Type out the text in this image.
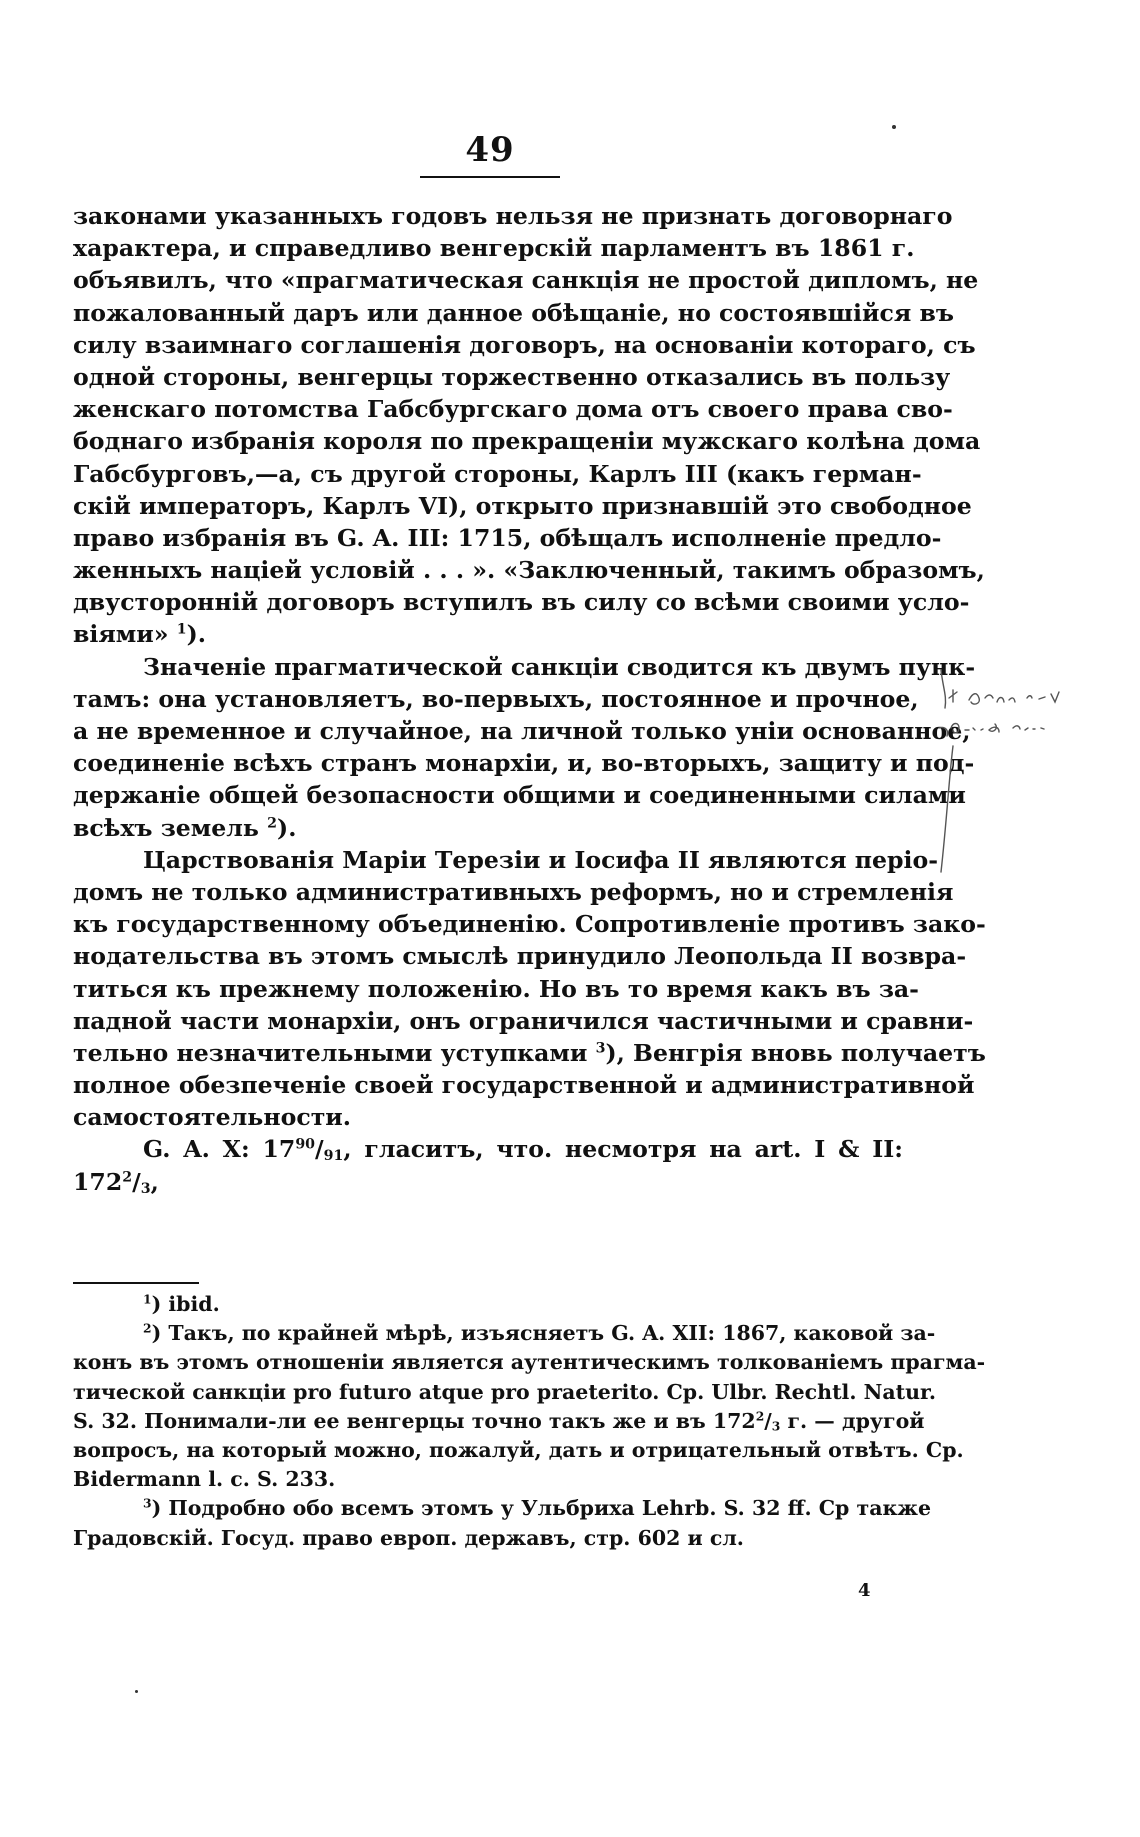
49
законами указанныхъ годовъ нельзя не признать договорнаго
характера, и справедливо венгерскій парламентъ въ 1861 г.
объявилъ, что «прагматическая санкція не простой дипломъ, не
пожалованный даръ или данное обѣщаніе, но состоявшійся въ
силу взаимнаго соглашенія договоръ, на основаніи котораго, съ
одной стороны, венгерцы торжественно отказались въ пользу
женскаго потомства Габсбургскаго дома отъ своего права сво-
боднаго избранія короля по прекращеніи мужскаго колѣна дома
Габсбурговъ,—а, съ другой стороны, Карлъ III (какъ герман-
скій императоръ, Карлъ VI), открыто признавшій это свободное
право избранія въ G. A. III: 1715, обѣщалъ исполненіе предло-
женныхъ націей условій . . . ». «Заключенный, такимъ образомъ,
двусторонній договоръ вступилъ въ силу со всѣми своими усло-
віями» $^1$).
Значеніе прагматической санкціи сводится къ двумъ пунк-
тамъ: она установляетъ, во-первыхъ, постоянное и прочное,
а не временное и случайное, на личной только уніи основанное,
соединеніе всѣхъ странъ монархіи, и, во-вторыхъ, защиту и под-
держаніе общей безопасности общими и соединенными силами
всѣхъ земель $^2$).
Царствованія Маріи Терезіи и Іосифа II являются періо-
домъ не только административныхъ реформъ, но и стремленія
къ государственному объединенію. Сопротивленіе противъ зако-
нодательства въ этомъ смыслѣ принудило Леопольда II возвра-
титься къ прежнему положенію. Но въ то время какъ въ за-
падной части монархіи, онъ ограничился частичными и сравни-
тельно незначительными уступками $^3$), Венгрія вновь получаетъ
полное обезпеченіе своей государственной и административной
самостоятельности.
G. A. X: $17^{90}/_{91}$, гласитъ, что. несмотря на art. I & II:
$172^2/_3$,
$^1$) ibid.
$^2$) Такъ, по крайней мѣрѣ, изъясняетъ G. A. XII: 1867, каковой за-
конъ въ этомъ отношеніи является аутентическимъ толкованіемъ прагма-
тической санкціи pro futuro atque pro praeterito. Cp. Ulbr. Rechtl. Natur.
S. 32. Понимали-ли ее венгерцы точно такъ же и въ $172^2/_3$ г. — другой
вопросъ, на который можно, пожалуй, дать и отрицательный отвѣтъ. Ср.
Bidermann l. c. S. 233.
$^3$) Подробно обо всемъ этомъ у Ульбриха Lehrb. S. 32 ff. Ср также
Градовскій. Госуд. право европ. державъ, стр. 602 и сл.
4
